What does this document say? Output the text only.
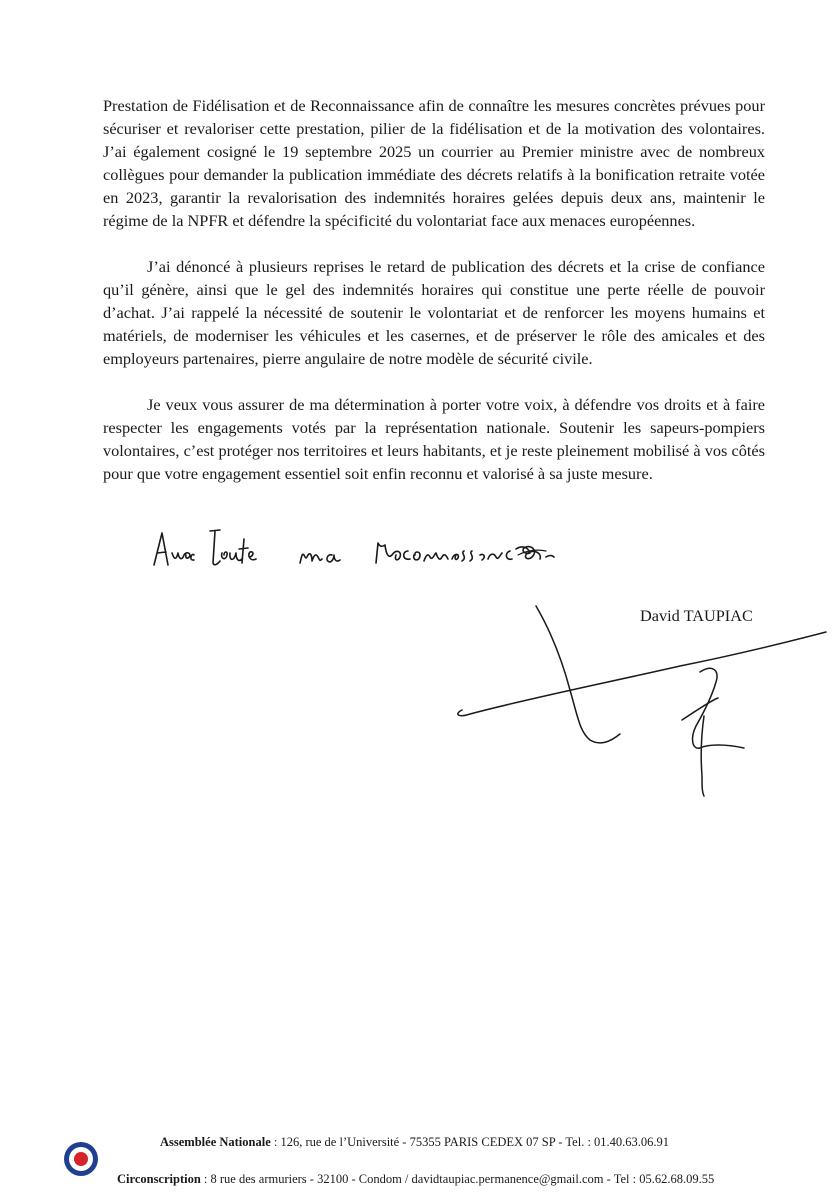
Prestation de Fidélisation et de Reconnaissance afin de connaître les mesures concrètes prévues pour sécuriser et revaloriser cette prestation, pilier de la fidélisation et de la motivation des volontaires. J’ai également cosigné le 19 septembre 2025 un courrier au Premier ministre avec de nombreux collègues pour demander la publication immédiate des décrets relatifs à la bonification retraite votée en 2023, garantir la revalorisation des indemnités horaires gelées depuis deux ans, maintenir le régime de la NPFR et défendre la spécificité du volontariat face aux menaces européennes.

J’ai dénoncé à plusieurs reprises le retard de publication des décrets et la crise de confiance qu’il génère, ainsi que le gel des indemnités horaires qui constitue une perte réelle de pouvoir d’achat. J’ai rappelé la nécessité de soutenir le volontariat et de renforcer les moyens humains et matériels, de moderniser les véhicules et les casernes, et de préserver le rôle des amicales et des employeurs partenaires, pierre angulaire de notre modèle de sécurité civile.

Je veux vous assurer de ma détermination à porter votre voix, à défendre vos droits et à faire respecter les engagements votés par la représentation nationale. Soutenir les sapeurs-pompiers volontaires, c’est protéger nos territoires et leurs habitants, et je reste pleinement mobilisé à vos côtés pour que votre engagement essentiel soit enfin reconnu et valorisé à sa juste mesure.

David TAUPIAC
Assemblée Nationale : 126, rue de l’Université - 75355 PARIS CEDEX 07 SP - Tel. : 01.40.63.06.91
Circonscription : 8 rue des armuriers - 32100 - Condom / davidtaupiac.permanence@gmail.com - Tel : 05.62.68.09.55
